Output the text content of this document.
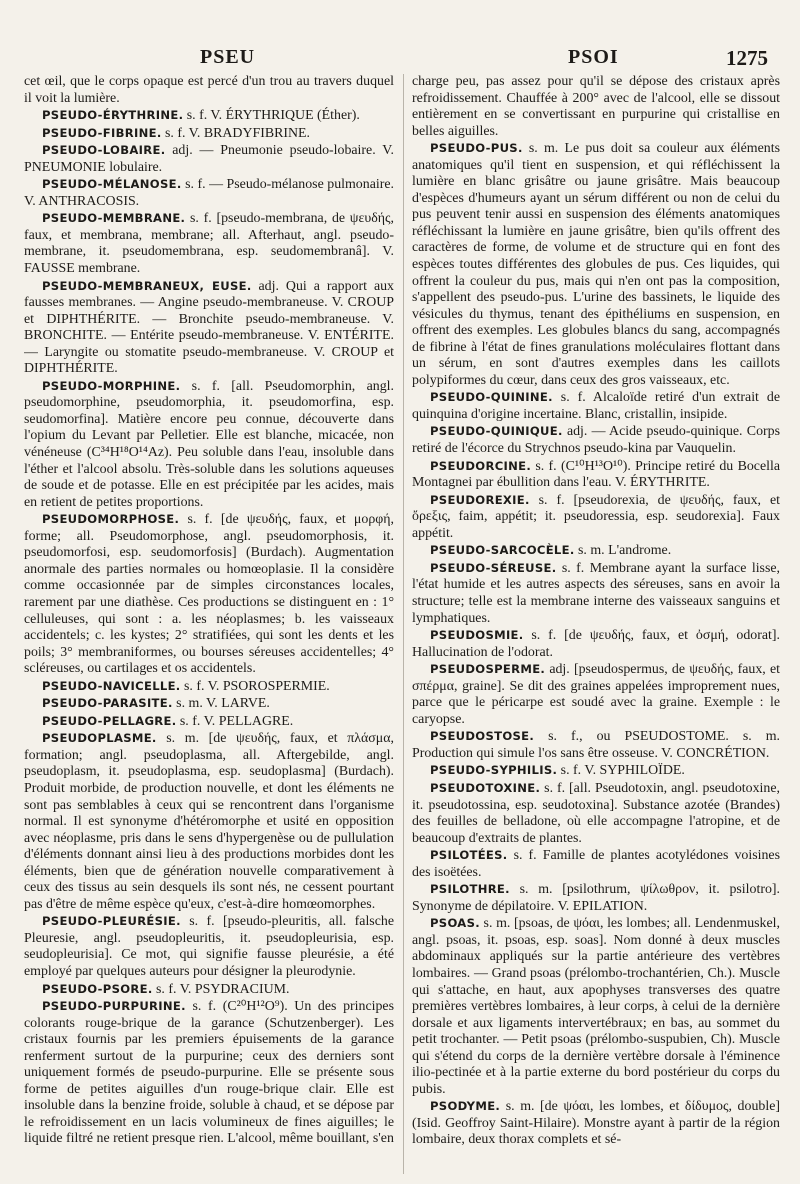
PSEU	PSOI	1275

cet œil, que le corps opaque est percé d'un trou au travers duquel il voit la lumière.

PSEUDO-ÉRYTHRINE. s. f. V. ÉRYTHRIQUE (Éther).

PSEUDO-FIBRINE. s. f. V. BRADYFIBRINE.

PSEUDO-LOBAIRE. adj. — Pneumonie pseudo-lobaire. V. PNEUMONIE lobulaire.

PSEUDO-MÉLANOSE. s. f. — Pseudo-mélanose pulmonaire. V. ANTHRACOSIS.

PSEUDO-MEMBRANE. s. f. [pseudo-membrana, de ψευδής, faux, et membrana, membrane; all. Afterhaut, angl. pseudo-membrane, it. pseudomembrana, esp. seudomembranâ]. V. FAUSSE membrane.

PSEUDO-MEMBRANEUX, EUSE. adj. Qui a rapport aux fausses membranes. — Angine pseudo-membraneuse. V. CROUP et DIPHTHÉRITE. — Bronchite pseudo-membraneuse. V. BRONCHITE. — Entérite pseudo-membraneuse. V. ENTÉRITE. — Laryngite ou stomatite pseudo-membraneuse. V. CROUP et DIPHTHÉRITE.

PSEUDO-MORPHINE. s. f. [all. Pseudomorphin, angl. pseudomorphine, pseudomorphia, it. pseudomorfina, esp. seudomorfina]. Matière encore peu connue, découverte dans l'opium du Levant par Pelletier. Elle est blanche, micacée, non vénéneuse (C³⁴H¹⁸O¹⁴Az). Peu soluble dans l'eau, insoluble dans l'éther et l'alcool absolu. Très-soluble dans les solutions aqueuses de soude et de potasse. Elle en est précipitée par les acides, mais en retient de petites proportions.

PSEUDOMORPHOSE. s. f. [de ψευδής, faux, et μορφή, forme; all. Pseudomorphose, angl. pseudomorphosis, it. pseudomorfosi, esp. seudomorfosis] (Burdach). Augmentation anormale des parties normales ou homœoplasie. Il la considère comme occasionnée par de simples circonstances locales, rarement par une diathèse. Ces productions se distinguent en : 1° celluleuses, qui sont : a. les néoplasmes; b. les vaisseaux accidentels; c. les kystes; 2° stratifiées, qui sont les dents et les poils; 3° membraniformes, ou bourses séreuses accidentelles; 4° scléreuses, ou cartilages et os accidentels.

PSEUDO-NAVICELLE. s. f. V. PSOROSPERMIE.

PSEUDO-PARASITE. s. m. V. LARVE.

PSEUDO-PELLAGRE. s. f. V. PELLAGRE.

PSEUDOPLASME. s. m. [de ψευδής, faux, et πλάσμα, formation; angl. pseudoplasma, all. Aftergebilde, angl. pseudoplasm, it. pseudoplasma, esp. seudoplasma] (Burdach). Produit morbide, de production nouvelle, et dont les éléments ne sont pas semblables à ceux qui se rencontrent dans l'organisme normal. Il est synonyme d'hétéromorphe et usité en opposition avec néoplasme, pris dans le sens d'hypergenèse ou de pullulation d'éléments donnant ainsi lieu à des productions morbides dont les éléments, bien que de génération nouvelle comparativement à ceux des tissus au sein desquels ils sont nés, ne cessent pourtant pas d'être de même espèce qu'eux, c'est-à-dire homœomorphes.

PSEUDO-PLEURÉSIE. s. f. [pseudo-pleuritis, all. falsche Pleuresie, angl. pseudopleuritis, it. pseudopleurisia, esp. seudopleurisia]. Ce mot, qui signifie fausse pleurésie, a été employé par quelques auteurs pour désigner la pleurodynie.

PSEUDO-PSORE. s. f. V. PSYDRACIUM.

PSEUDO-PURPURINE. s. f. (C²⁰H¹²O⁹). Un des principes colorants rouge-brique de la garance (Schutzenberger). Les cristaux fournis par les premiers épuisements de la garance renferment surtout de la purpurine; ceux des derniers sont uniquement formés de pseudo-purpurine. Elle se présente sous forme de petites aiguilles d'un rouge-brique clair. Elle est insoluble dans la benzine froide, soluble à chaud, et se dépose par le refroidissement en un lacis volumineux de fines aiguilles; le liquide filtré ne retient presque rien. L'alcool, même bouillant, s'en

charge peu, pas assez pour qu'il se dépose des cristaux après refroidissement. Chauffée à 200° avec de l'alcool, elle se dissout entièrement en se convertissant en purpurine qui cristallise en belles aiguilles.

PSEUDO-PUS. s. m. Le pus doit sa couleur aux éléments anatomiques qu'il tient en suspension, et qui réfléchissent la lumière en blanc grisâtre ou jaune grisâtre. Mais beaucoup d'espèces d'humeurs ayant un sérum différent ou non de celui du pus peuvent tenir aussi en suspension des éléments anatomiques réfléchissant la lumière en jaune grisâtre, bien qu'ils offrent des caractères de forme, de volume et de structure qui en font des espèces toutes différentes des globules de pus. Ces liquides, qui offrent la couleur du pus, mais qui n'en ont pas la composition, s'appellent des pseudo-pus. L'urine des bassinets, le liquide des vésicules du thymus, tenant des épithéliums en suspension, en offrent des exemples. Les globules blancs du sang, accompagnés de fibrine à l'état de fines granulations moléculaires flottant dans un sérum, en sont d'autres exemples dans les caillots polypiformes du cœur, dans ceux des gros vaisseaux, etc.

PSEUDO-QUININE. s. f. Alcaloïde retiré d'un extrait de quinquina d'origine incertaine. Blanc, cristallin, insipide.

PSEUDO-QUINIQUE. adj. — Acide pseudo-quinique. Corps retiré de l'écorce du Strychnos pseudo-kina par Vauquelin.

PSEUDORCINE. s. f. (C¹⁰H¹³O¹⁰). Principe retiré du Bocella Montagnei par ébullition dans l'eau. V. ÉRYTHRITE.

PSEUDOREXIE. s. f. [pseudorexia, de ψευδής, faux, et ὄρεξις, faim, appétit; it. pseudoressia, esp. seudorexia]. Faux appétit.

PSEUDO-SARCOCÈLE. s. m. L'androme.

PSEUDO-SÉREUSE. s. f. Membrane ayant la surface lisse, l'état humide et les autres aspects des séreuses, sans en avoir la structure; telle est la membrane interne des vaisseaux sanguins et lymphatiques.

PSEUDOSMIE. s. f. [de ψευδής, faux, et ὀσμή, odorat]. Hallucination de l'odorat.

PSEUDOSPERME. adj. [pseudospermus, de ψευδής, faux, et σπέρμα, graine]. Se dit des graines appelées improprement nues, parce que le péricarpe est soudé avec la graine. Exemple : le caryopse.

PSEUDOSTOSE. s. f., ou PSEUDOSTOME. s. m. Production qui simule l'os sans être osseuse. V. CONCRÉTION.

PSEUDO-SYPHILIS. s. f. V. SYPHILOÏDE.

PSEUDOTOXINE. s. f. [all. Pseudotoxin, angl. pseudotoxine, it. pseudotossina, esp. seudotoxina]. Substance azotée (Brandes) des feuilles de belladone, où elle accompagne l'atropine, et de beaucoup d'extraits de plantes.

PSILOTÉES. s. f. Famille de plantes acotylédones voisines des isoëtées.

PSILOTHRE. s. m. [psilothrum, ψίλωθρον, it. psilotro]. Synonyme de dépilatoire. V. EPILATION.

PSOAS. s. m. [psoas, de ψόαι, les lombes; all. Lendenmuskel, angl. psoas, it. psoas, esp. soas]. Nom donné à deux muscles abdominaux appliqués sur la partie antérieure des vertèbres lombaires. — Grand psoas (prélombo-trochantérien, Ch.). Muscle qui s'attache, en haut, aux apophyses transverses des quatre premières vertèbres lombaires, à leur corps, à celui de la dernière dorsale et aux ligaments intervertébraux; en bas, au sommet du petit trochanter. — Petit psoas (prélombo-suspubien, Ch). Muscle qui s'étend du corps de la dernière vertèbre dorsale à l'éminence ilio-pectinée et à la partie externe du bord postérieur du corps du pubis.

PSODYME. s. m. [de ψόαι, les lombes, et δίδυμος, double] (Isid. Geoffroy Saint-Hilaire). Monstre ayant à partir de la région lombaire, deux thorax complets et sé-
